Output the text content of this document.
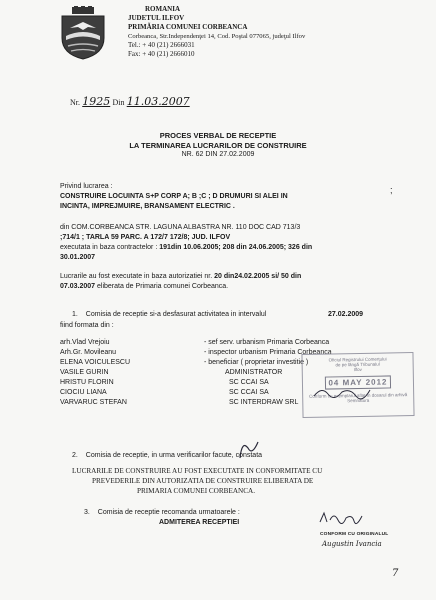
ROMANIA
JUDETUL ILFOV
PRIMĂRIA COMUNEI CORBEANCA
Corbeanca, Str.Independenţei 14, Cod. Poştal 077065, judeţul Ilfov
Tel.: + 40 (21) 2666031
Fax: + 40 (21) 2666010
Nr. 1925 Din 11.03.2007
PROCES VERBAL DE RECEPTIE
LA TERMINAREA LUCRARILOR DE CONSTRUIRE
NR. 62 DIN 27.02.2009
Privind lucrarea :
CONSTRUIRE LOCUINTA S+P CORP A; B ;C ; D DRUMURI SI ALEI IN
INCINTA, IMPREJMUIRE, BRANSAMENT ELECTRIC .
;
din COM.CORBEANCA STR. LAGUNA ALBASTRA NR. 110 DOC CAD 713/3
;714/1 ; TARLA 59 PARC. A 172/7 172/8; JUD. ILFOV
executata in baza contractelor : 191din 10.06.2005; 208 din 24.06.2005; 326 din
30.01.2007
Lucrarile au fost executate in baza autorizatiei nr. 20 din24.02.2005 si/ 50 din
07.03.2007 eliberata de Primaria comunei Corbeanca.
1. Comisia de receptie si-a desfasurat activitatea in intervalul	27.02.2009
fiind formata din :
arh.Vlad Vrejoiu	- sef serv. urbanism Primaria Corbeanca
Arh.Gr. Movileanu	- inspector urbanism Primaria Corbeanca
ELENA VOICULESCU	- beneficiar ( proprietar investitie )
VASILE GURIN	ADMINISTRATOR
HRISTU FLORIN	SC CCAI SA
CIOCIU LIANA	SC CCAI SA
VARVARUC STEFAN	SC INTERDRAW SRL
Oficiul Registrului Comerţului
de pe lângă Tribunalul
Ilfov
04 MAY 2012
Conform cu exemplarul aflat în dosarul din arhivă
Semnătura
2. Comisia de receptie, in urma verificarilor facute, constata
LUCRARILE DE CONSTRUIRE AU FOST EXECUTATE IN CONFORMITATE CU
PREVEDERILE DIN AUTORIZATIA DE CONSTRUIRE ELIBERATA DE
PRIMARIA COMUNEI CORBEANCA.
3. Comisia de receptie recomanda urmatoarele :
ADMITEREA RECEPTIEI
CONFORM CU ORIGINALUL
Augustin Ivancia
7
